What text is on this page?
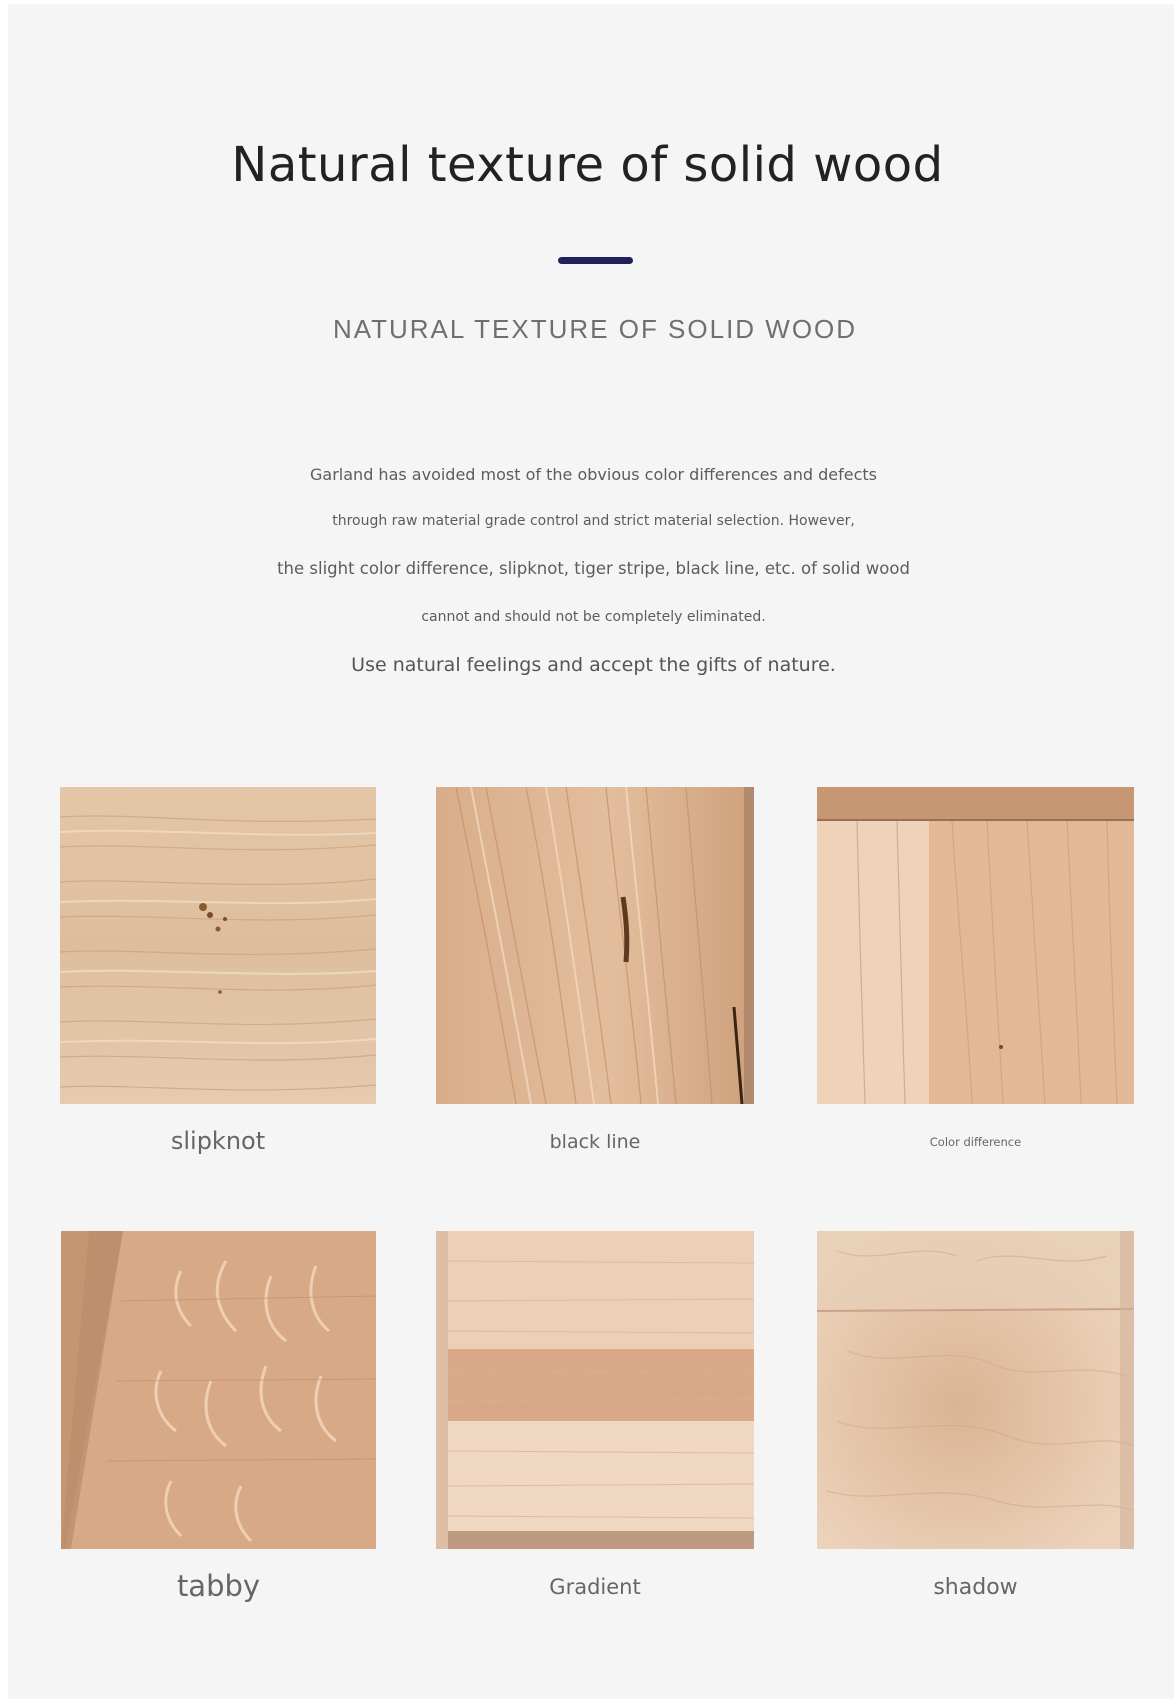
Natural texture of solid wood
NATURAL TEXTURE OF SOLID WOOD
Garland has avoided most of the obvious color differences and defects
through raw material grade control and strict material selection. However,
the slight color difference, slipknot, tiger stripe, black line, etc. of solid wood
cannot and should not be completely eliminated.
Use natural feelings and accept the gifts of nature.
slipknot	black line	Color difference
tabby	Gradient	shadow
